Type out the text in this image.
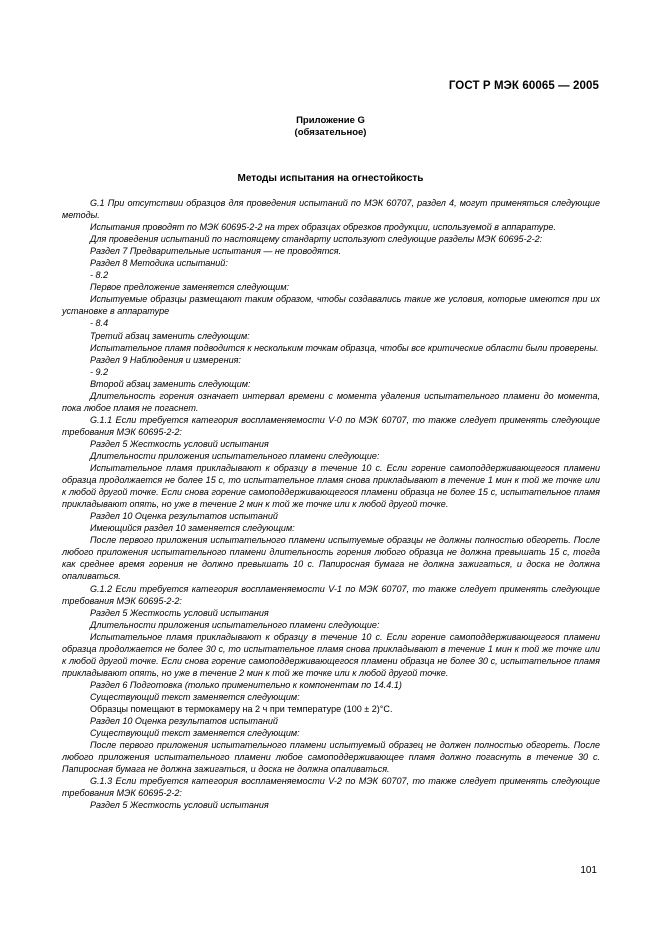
ГОСТ Р МЭК 60065 — 2005
Приложение G
(обязательное)
Методы испытания на огнестойкость

G.1 При отсутствии образцов для проведения испытаний по МЭК 60707, раздел 4, могут применяться следующие методы.

Испытания проводят по МЭК 60695-2-2 на трех образцах обрезков продукции, используемой в аппаратуре.

Для проведения испытаний по настоящему стандарту используют следующие разделы МЭК 60695-2-2:

Раздел 7 Предварительные испытания — не проводятся.

Раздел 8 Методика испытаний:

- 8.2

Первое предложение заменяется следующим:

Испытуемые образцы размещают таким образом, чтобы создавались такие же условия, которые имеются при их установке в аппаратуре

- 8.4

Третий абзац заменить следующим:

Испытательное пламя подводится к нескольким точкам образца, чтобы все критические области были проверены.

Раздел 9 Наблюдения и измерения:

- 9.2

Второй абзац заменить следующим:

Длительность горения означает интервал времени с момента удаления испытательного пламени до момента, пока любое пламя не погаснет.

G.1.1 Если требуется категория воспламеняемости V-0 по МЭК 60707, то также следует применять следующие требования МЭК 60695-2-2:

Раздел 5 Жесткость условий испытания

Длительности приложения испытательного пламени следующие:

Испытательное пламя прикладывают к образцу в течение 10 с. Если горение самоподдерживающегося пламени образца продолжается не более 15 с, то испытательное пламя снова прикладывают в течение 1 мин к той же точке или к любой другой точке. Если снова горение самоподдерживающегося пламени образца не более 15 с, испытательное пламя прикладывают опять, но уже в течение 2 мин к той же точке или к любой другой точке.

Раздел 10 Оценка результатов испытаний

Имеющийся раздел 10 заменяется следующим:

После первого приложения испытательного пламени испытуемые образцы не должны полностью обгореть. После любого приложения испытательного пламени длительность горения любого образца не должна превышать 15 с, тогда как среднее время горения не должно превышать 10 с. Папиросная бумага не должна зажигаться, и доска не должна опаливаться.

G.1.2 Если требуется категория воспламеняемости V-1 по МЭК 60707, то также следует применять следующие требования МЭК 60695-2-2:

Раздел 5 Жесткость условий испытания

Длительности приложения испытательного пламени следующие:

Испытательное пламя прикладывают к образцу в течение 10 с. Если горение самоподдерживающегося пламени образца продолжается не более 30 с, то испытательное пламя снова прикладывают в течение 1 мин к той же точке или к любой другой точке. Если снова горение самоподдерживающегося пламени образца не более 30 с, испытательное пламя прикладывают опять, но уже в течение 2 мин к той же точке или к любой другой точке.

Раздел 6 Подготовка (только применительно к компонентам по 14.4.1)

Существующий текст заменяется следующим:

Образцы помещают в термокамеру на 2 ч при температуре (100 ± 2)°С.

Раздел 10 Оценка результатов испытаний

Существующий текст заменяется следующим:

После первого приложения испытательного пламени испытуемый образец не должен полностью обгореть. После любого приложения испытательного пламени любое самоподдерживающее пламя должно погаснуть в течение 30 с. Папиросная бумага не должна зажигаться, и доска не должна опаливаться.

G.1.3 Если требуется категория воспламеняемости V-2 по МЭК 60707, то также следует применять следующие требования МЭК 60695-2-2:

Раздел 5 Жесткость условий испытания

101
